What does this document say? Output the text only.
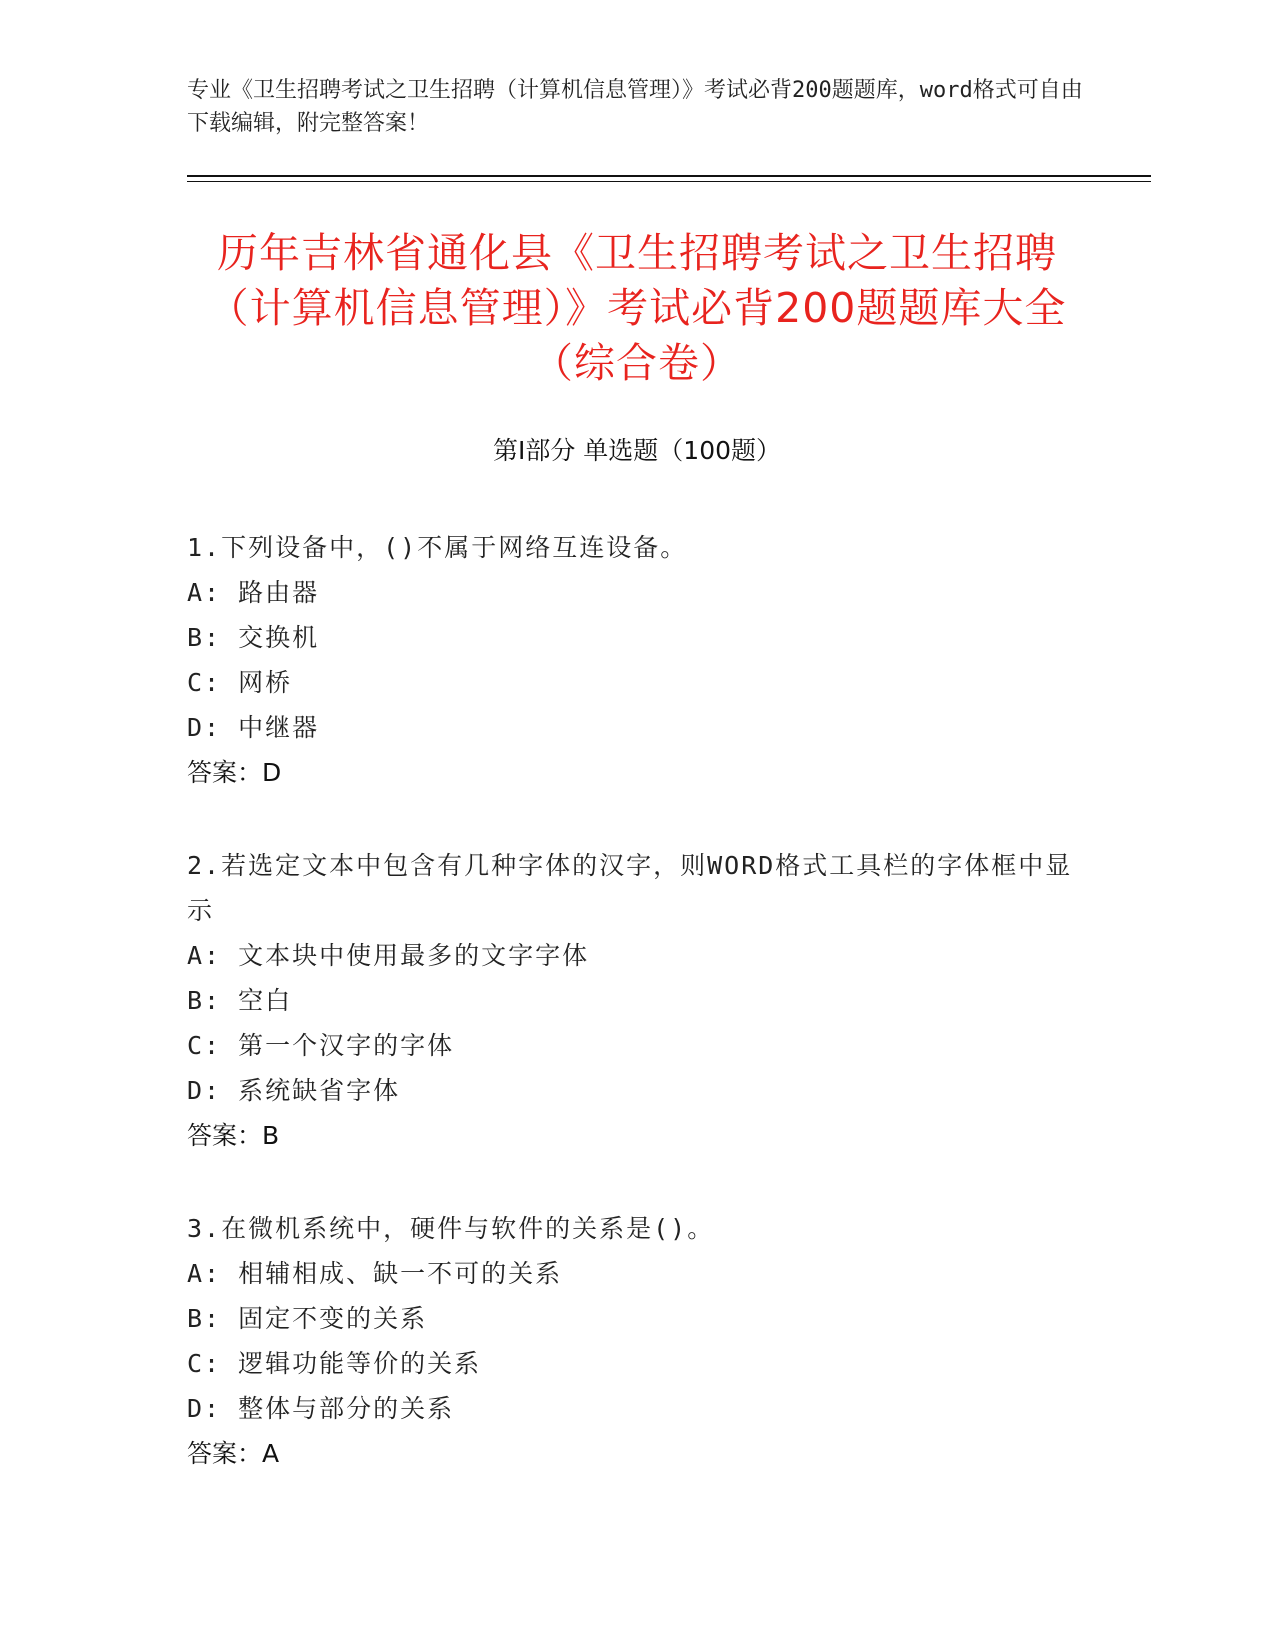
专业《卫生招聘考试之卫生招聘（计算机信息管理）》考试必背200题题库，word格式可自由下载编辑，附完整答案！
历年吉林省通化县《卫生招聘考试之卫生招聘（计算机信息管理）》考试必背200题题库大全（综合卷）
第Ⅰ部分 单选题（100题）
1.下列设备中，()不属于网络互连设备。
A: 路由器
B: 交换机
C: 网桥
D: 中继器
答案：D
2.若选定文本中包含有几种字体的汉字，则WORD格式工具栏的字体框中显示
A: 文本块中使用最多的文字字体
B: 空白
C: 第一个汉字的字体
D: 系统缺省字体
答案：B
3.在微机系统中，硬件与软件的关系是()。
A: 相辅相成、缺一不可的关系
B: 固定不变的关系
C: 逻辑功能等价的关系
D: 整体与部分的关系
答案：A
